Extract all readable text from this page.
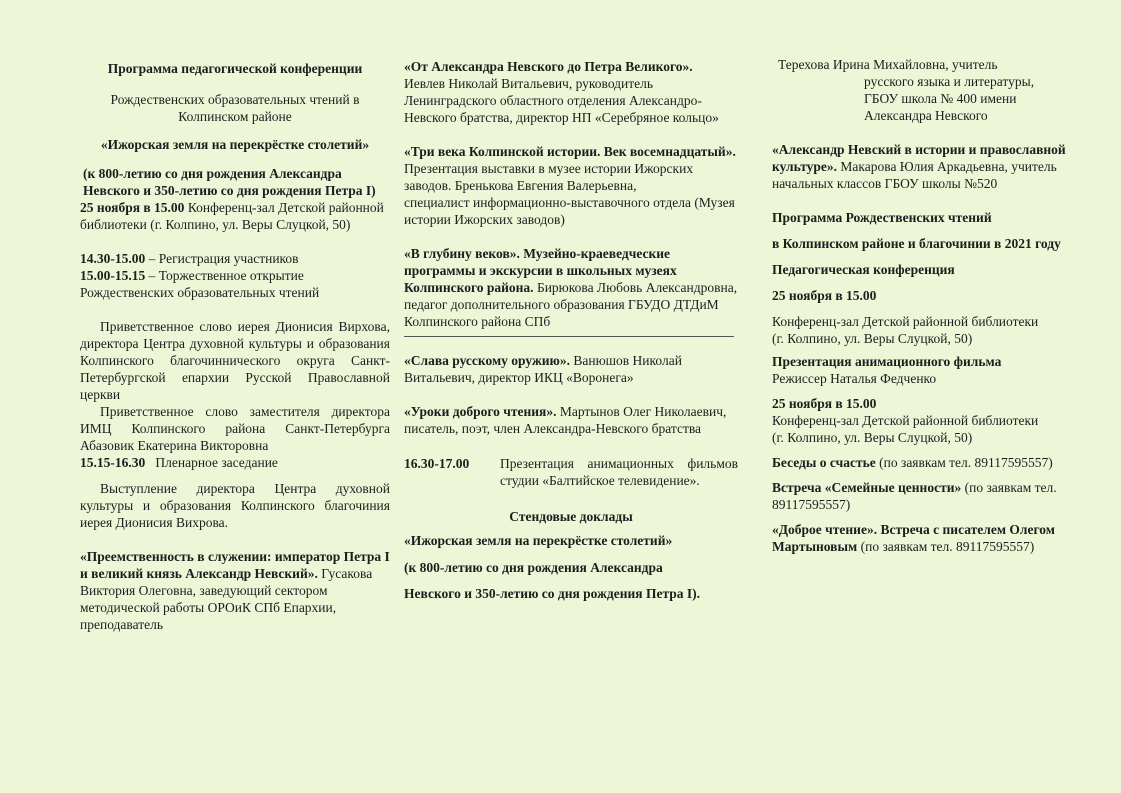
Программа педагогической конференции

Рождественских образовательных чтений в Колпинском районе

«Ижорская земля на перекрёстке столетий»

(к 800-летию со дня рождения Александра Невского и 350-летию со дня рождения Петра I)

25 ноября в 15.00 Конференц-зал Детской районной библиотеки (г. Колпино, ул. Веры Слуцкой, 50)

14.30-15.00 – Регистрация участников

15.00-15.15 – Торжественное открытие Рождественских образовательных чтений

Приветственное слово иерея Дионисия Вирхова, директора Центра духовной культуры и образования Колпинского благочиннического округа Санкт-Петербургской епархии Русской Православной церкви

Приветственное слово заместителя директора ИМЦ Колпинского района Санкт-Петербурга Абазовик Екатерина Викторовна

15.15-16.30   Пленарное заседание

Выступление директора Центра духовной культуры и образования Колпинского благочиния иерея Дионисия Вихрова.

«Преемственность в служении: император Петра I и великий князь Александр Невский». Гусакова Виктория Олеговна, заведующий сектором методической работы ОРОиК СПб Епархии, преподаватель

«От Александра Невского до Петра Великого».
Иевлев Николай Витальевич, руководитель Ленинградского областного отделения Александро-Невского братства, директор НП «Серебряное кольцо»

«Три века Колпинской истории. Век восемнадцатый». Презентация выставки в музее истории Ижорских заводов. Бренькова Евгения Валерьевна,
специалист информационно-выставочного отдела (Музея истории Ижорских заводов)

«В глубину веков». Музейно-краеведческие программы и экскурсии в школьных музеях Колпинского района. Бирюкова Любовь Александровна, педагог дополнительного образования ГБУДО ДТДиМ Колпинского района СПб

«Слава русскому оружию». Ванюшов Николай Витальевич, директор ИКЦ «Воронега»

«Уроки доброго чтения». Мартынов Олег Николаевич, писатель, поэт, член Александра-Невского братства

16.30-17.00	Презентация анимационных фильмов студии «Балтийское телевидение».

Стендовые доклады

«Ижорская земля на перекрёстке столетий»

(к 800-летию со дня рождения Александра

Невского и 350-летию со дня рождения Петра I).

Терехова Ирина Михайловна, учитель

русского языка и литературы,

ГБОУ школа № 400 имени

Александра Невского

«Александр Невский в истории и православной культуре». Макарова Юлия Аркадьевна, учитель начальных классов ГБОУ школы №520

Программа Рождественских чтений

в Колпинском районе и благочинии в 2021 году

Педагогическая конференция

25 ноября в 15.00

Конференц-зал Детской районной библиотеки

(г. Колпино, ул. Веры Слуцкой, 50)

Презентация анимационного фильма

Режиссер Наталья Федченко

25 ноября в 15.00

Конференц-зал Детской районной библиотеки

(г. Колпино, ул. Веры Слуцкой, 50)

Беседы о счастье (по заявкам тел. 89117595557)

Встреча «Семейные ценности» (по заявкам тел. 89117595557)

«Доброе чтение». Встреча с писателем Олегом Мартыновым (по заявкам тел. 89117595557)
